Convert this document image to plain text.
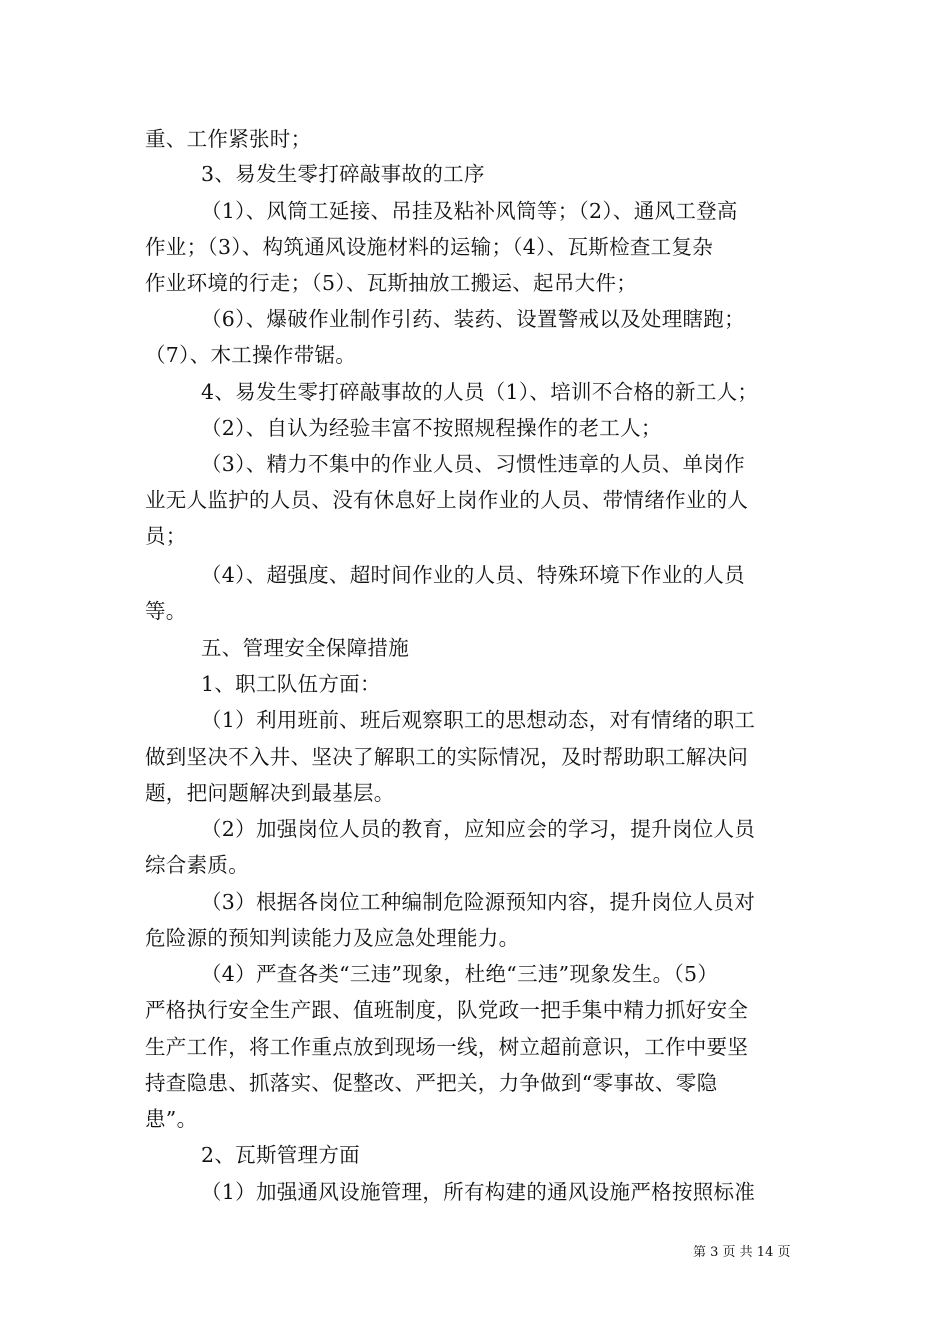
重、工作紧张时；
3、易发生零打碎敲事故的工序
（1）、风筒工延接、吊挂及粘补风筒等；（2）、通风工登高
作业；（3）、构筑通风设施材料的运输；（4）、瓦斯检查工复杂
作业环境的行走；（5）、瓦斯抽放工搬运、起吊大件；
（6）、爆破作业制作引药、装药、设置警戒以及处理瞎跑；
（7）、木工操作带锯。
4、易发生零打碎敲事故的人员（1）、培训不合格的新工人；
（2）、自认为经验丰富不按照规程操作的老工人；
（3）、精力不集中的作业人员、习惯性违章的人员、单岗作
业无人监护的人员、没有休息好上岗作业的人员、带情绪作业的人
员；
（4）、超强度、超时间作业的人员、特殊环境下作业的人员
等。
五、管理安全保障措施
1、职工队伍方面：
（1）利用班前、班后观察职工的思想动态，对有情绪的职工
做到坚决不入井、坚决了解职工的实际情况，及时帮助职工解决问
题，把问题解决到最基层。
（2）加强岗位人员的教育，应知应会的学习，提升岗位人员
综合素质。
（3）根据各岗位工种编制危险源预知内容，提升岗位人员对
危险源的预知判读能力及应急处理能力。
（4）严查各类“三违”现象，杜绝“三违”现象发生。（5）
严格执行安全生产跟、值班制度，队党政一把手集中精力抓好安全
生产工作，将工作重点放到现场一线，树立超前意识，工作中要坚
持查隐患、抓落实、促整改、严把关，力争做到“零事故、零隐
患”。
2、瓦斯管理方面
（1）加强通风设施管理，所有构建的通风设施严格按照标准
第 3 页 共 14 页
